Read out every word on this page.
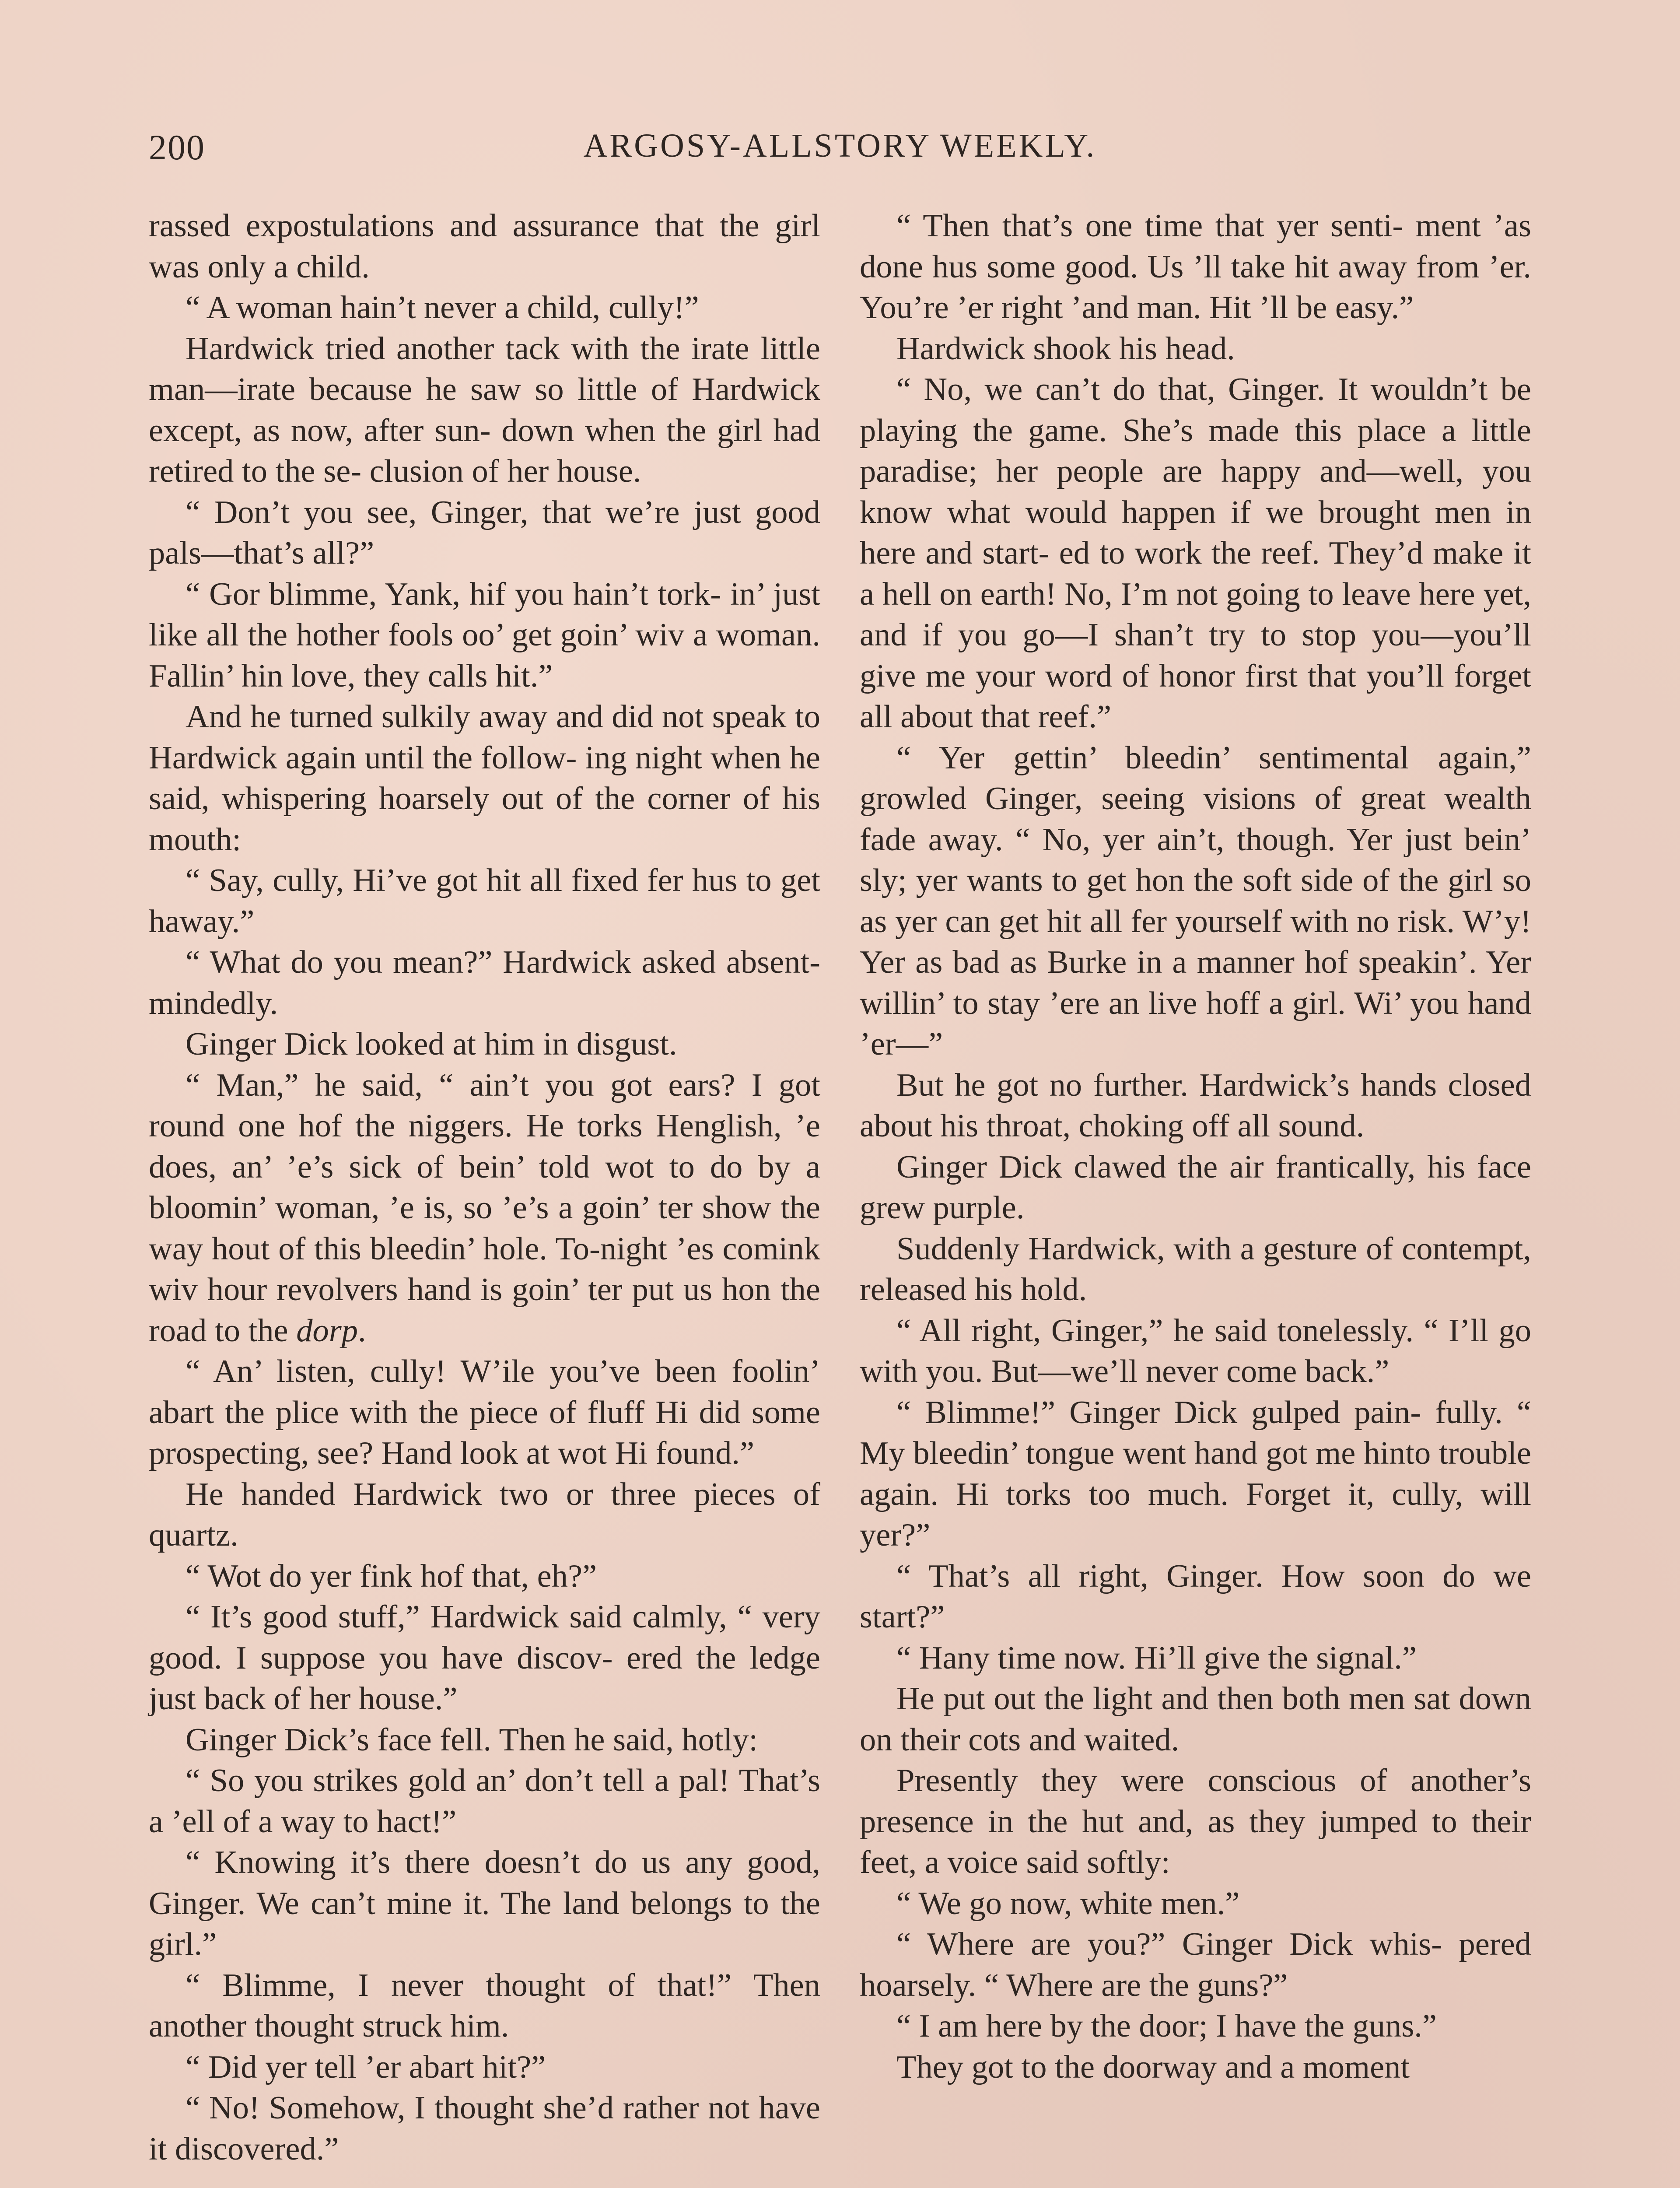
200	ARGOSY-ALLSTORY WEEKLY.

rassed expostulations and assurance that the girl was only a child.

“ A woman hain’t never a child, cully!”

Hardwick tried another tack with the irate little man—irate because he saw so little of Hardwick except, as now, after sun- down when the girl had retired to the se- clusion of her house.

“ Don’t you see, Ginger, that we’re just good pals—that’s all?”

“ Gor blimme, Yank, hif you hain’t tork- in’ just like all the hother fools oo’ get goin’ wiv a woman. Fallin’ hin love, they calls hit.”

And he turned sulkily away and did not speak to Hardwick again until the follow- ing night when he said, whispering hoarsely out of the corner of his mouth:

“ Say, cully, Hi’ve got hit all fixed fer hus to get haway.”

“ What do you mean?” Hardwick asked absent-mindedly.

Ginger Dick looked at him in disgust.

“ Man,” he said, “ ain’t you got ears? I got round one hof the niggers. He torks Henglish, ’e does, an’ ’e’s sick of bein’ told wot to do by a bloomin’ woman, ’e is, so ’e’s a goin’ ter show the way hout of this bleedin’ hole. To-night ’es comink wiv hour revolvers hand is goin’ ter put us hon the road to the dorp.

“ An’ listen, cully! W’ile you’ve been foolin’ abart the plice with the piece of fluff Hi did some prospecting, see? Hand look at wot Hi found.”

He handed Hardwick two or three pieces of quartz.

“ Wot do yer fink hof that, eh?”

“ It’s good stuff,” Hardwick said calmly, “ very good. I suppose you have discov- ered the ledge just back of her house.”

Ginger Dick’s face fell. Then he said, hotly:

“ So you strikes gold an’ don’t tell a pal! That’s a ’ell of a way to hact!”

“ Knowing it’s there doesn’t do us any good, Ginger. We can’t mine it. The land belongs to the girl.”

“ Blimme, I never thought of that!” Then another thought struck him.

“ Did yer tell ’er abart hit?”

“ No! Somehow, I thought she’d rather not have it discovered.”

“ Then that’s one time that yer senti- ment ’as done hus some good. Us ’ll take hit away from ’er. You’re ’er right ’and man. Hit ’ll be easy.”

Hardwick shook his head.

“ No, we can’t do that, Ginger. It wouldn’t be playing the game. She’s made this place a little paradise; her people are happy and—well, you know what would happen if we brought men in here and start- ed to work the reef. They’d make it a hell on earth! No, I’m not going to leave here yet, and if you go—I shan’t try to stop you—you’ll give me your word of honor first that you’ll forget all about that reef.”

“ Yer gettin’ bleedin’ sentimental again,” growled Ginger, seeing visions of great wealth fade away. “ No, yer ain’t, though. Yer just bein’ sly; yer wants to get hon the soft side of the girl so as yer can get hit all fer yourself with no risk. W’y! Yer as bad as Burke in a manner hof speakin’. Yer willin’ to stay ’ere an live hoff a girl. Wi’ you hand ’er—”

But he got no further. Hardwick’s hands closed about his throat, choking off all sound.

Ginger Dick clawed the air frantically, his face grew purple.

Suddenly Hardwick, with a gesture of contempt, released his hold.

“ All right, Ginger,” he said tonelessly. “ I’ll go with you. But—we’ll never come back.”

“ Blimme!” Ginger Dick gulped pain- fully. “ My bleedin’ tongue went hand got me hinto trouble again. Hi torks too much. Forget it, cully, will yer?”

“ That’s all right, Ginger. How soon do we start?”

“ Hany time now. Hi’ll give the signal.”

He put out the light and then both men sat down on their cots and waited.

Presently they were conscious of another’s presence in the hut and, as they jumped to their feet, a voice said softly:

“ We go now, white men.”

“ Where are you?” Ginger Dick whis- pered hoarsely. “ Where are the guns?”

“ I am here by the door; I have the guns.”

They got to the doorway and a moment
